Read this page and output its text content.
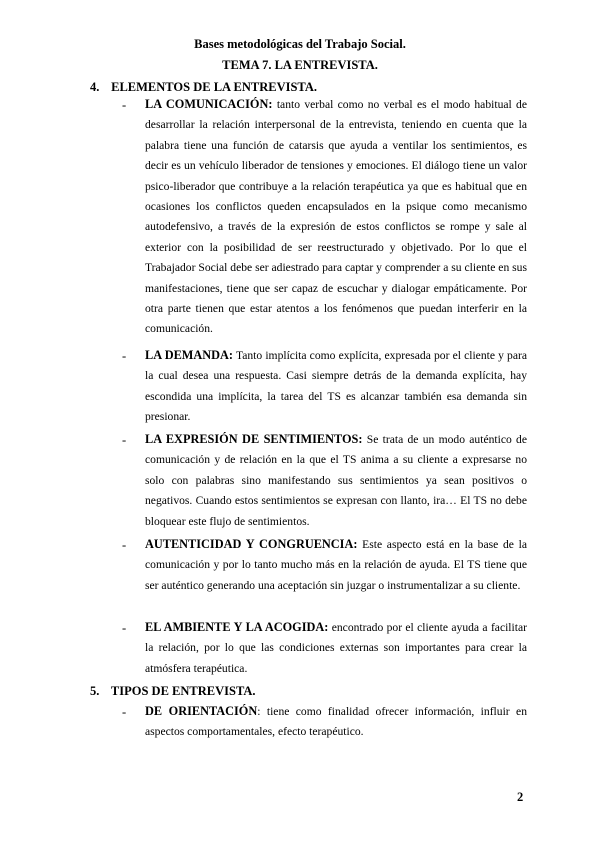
Bases metodológicas del Trabajo Social.
TEMA 7. LA ENTREVISTA.
4. ELEMENTOS DE LA ENTREVISTA.
- LA COMUNICACIÓN: tanto verbal como no verbal es el modo habitual de desarrollar la relación interpersonal de la entrevista, teniendo en cuenta que la palabra tiene una función de catarsis que ayuda a ventilar los sentimientos, es decir es un vehículo liberador de tensiones y emociones. El diálogo tiene un valor psico-liberador que contribuye a la relación terapéutica ya que es habitual que en ocasiones los conflictos queden encapsulados en la psique como mecanismo autodefensivo, a través de la expresión de estos conflictos se rompe y sale al exterior con la posibilidad de ser reestructurado y objetivado. Por lo que el Trabajador Social debe ser adiestrado para captar y comprender a su cliente en sus manifestaciones, tiene que ser capaz de escuchar y dialogar empáticamente. Por otra parte tienen que estar atentos a los fenómenos que puedan interferir en la comunicación.
- LA DEMANDA: Tanto implícita como explícita, expresada por el cliente y para la cual desea una respuesta. Casi siempre detrás de la demanda explícita, hay escondida una implícita, la tarea del TS es alcanzar también esa demanda sin presionar.
- LA EXPRESIÓN DE SENTIMIENTOS: Se trata de un modo auténtico de comunicación y de relación en la que el TS anima a su cliente a expresarse no solo con palabras sino manifestando sus sentimientos ya sean positivos o negativos. Cuando estos sentimientos se expresan con llanto, ira… El TS no debe bloquear este flujo de sentimientos.
- AUTENTICIDAD Y CONGRUENCIA: Este aspecto está en la base de la comunicación y por lo tanto mucho más en la relación de ayuda. El TS tiene que ser auténtico generando una aceptación sin juzgar o instrumentalizar a su cliente.
- EL AMBIENTE Y LA ACOGIDA: encontrado por el cliente ayuda a facilitar la relación, por lo que las condiciones externas son importantes para crear la atmósfera terapéutica.
5. TIPOS DE ENTREVISTA.
- DE ORIENTACIÓN: tiene como finalidad ofrecer información, influir en aspectos comportamentales, efecto terapéutico.
2
